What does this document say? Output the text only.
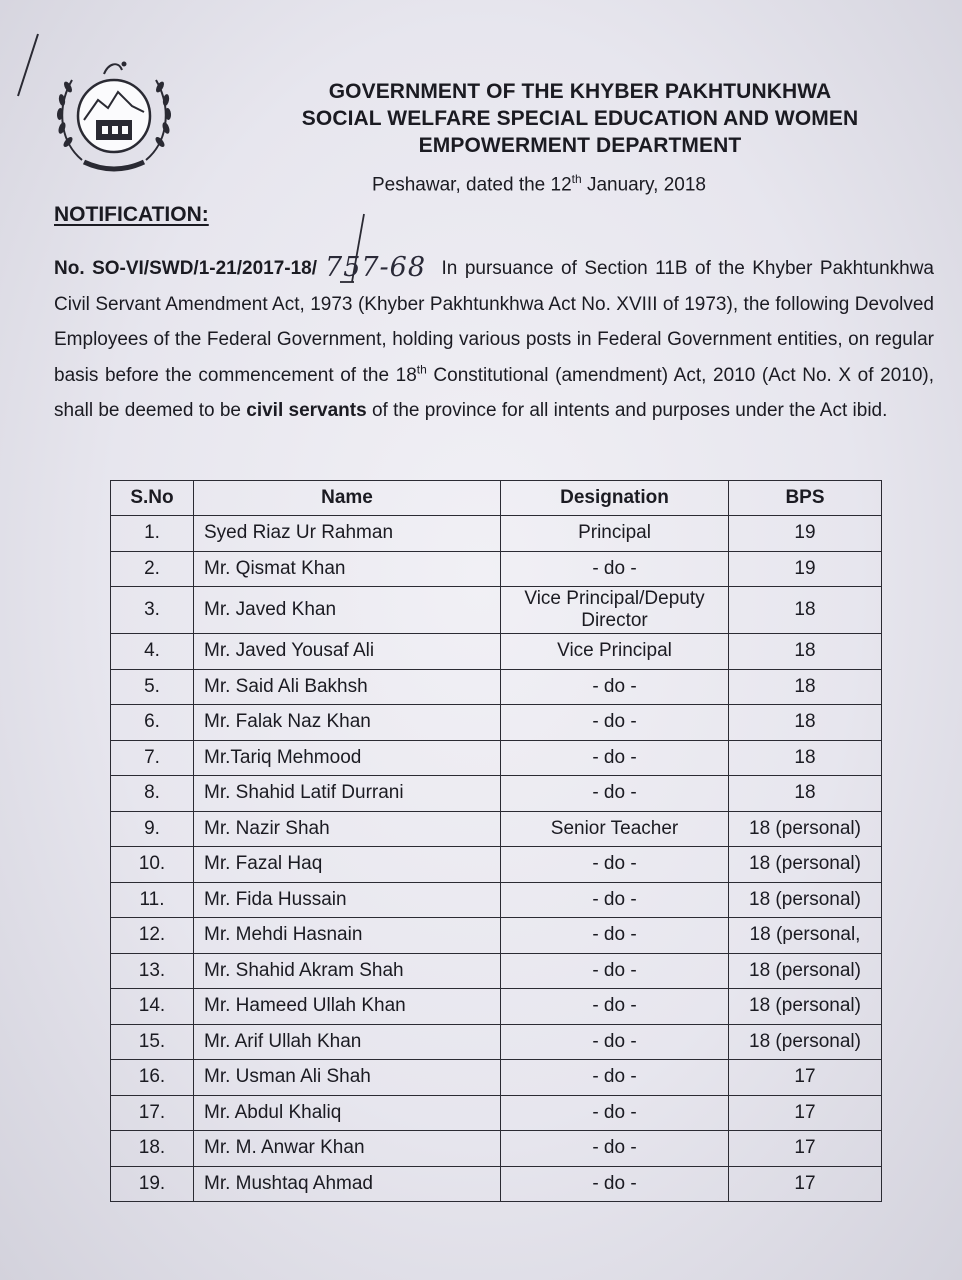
GOVERNMENT OF THE KHYBER PAKHTUNKHWA
SOCIAL WELFARE SPECIAL EDUCATION AND WOMEN
EMPOWERMENT DEPARTMENT
Peshawar, dated the 12th January, 2018
NOTIFICATION:
No. SO-VI/SWD/1-21/2017-18/ 757-68 In pursuance of Section 11B of the Khyber Pakhtunkhwa Civil Servant Amendment Act, 1973 (Khyber Pakhtunkhwa Act No. XVIII of 1973), the following Devolved Employees of the Federal Government, holding various posts in Federal Government entities, on regular basis before the commencement of the 18th Constitutional (amendment) Act, 2010 (Act No. X of 2010), shall be deemed to be civil servants of the province for all intents and purposes under the Act ibid.
S.No	Name	Designation	BPS
1.	Syed Riaz Ur Rahman	Principal	19
2.	Mr. Qismat Khan	- do -	19
3.	Mr. Javed Khan	Vice Principal/Deputy Director	18
4.	Mr. Javed Yousaf Ali	Vice Principal	18
5.	Mr. Said Ali Bakhsh	- do -	18
6.	Mr. Falak Naz Khan	- do -	18
7.	Mr.Tariq Mehmood	- do -	18
8.	Mr. Shahid Latif Durrani	- do -	18
9.	Mr. Nazir Shah	Senior Teacher	18 (personal)
10.	Mr. Fazal Haq	- do -	18 (personal)
11.	Mr. Fida Hussain	- do -	18 (personal)
12.	Mr. Mehdi Hasnain	- do -	18 (personal,
13.	Mr. Shahid Akram Shah	- do -	18 (personal)
14.	Mr. Hameed Ullah Khan	- do -	18 (personal)
15.	Mr. Arif Ullah Khan	- do -	18 (personal)
16.	Mr. Usman Ali Shah	- do -	17
17.	Mr. Abdul Khaliq	- do -	17
18.	Mr. M. Anwar Khan	- do -	17
19.	Mr. Mushtaq Ahmad	- do -	17
